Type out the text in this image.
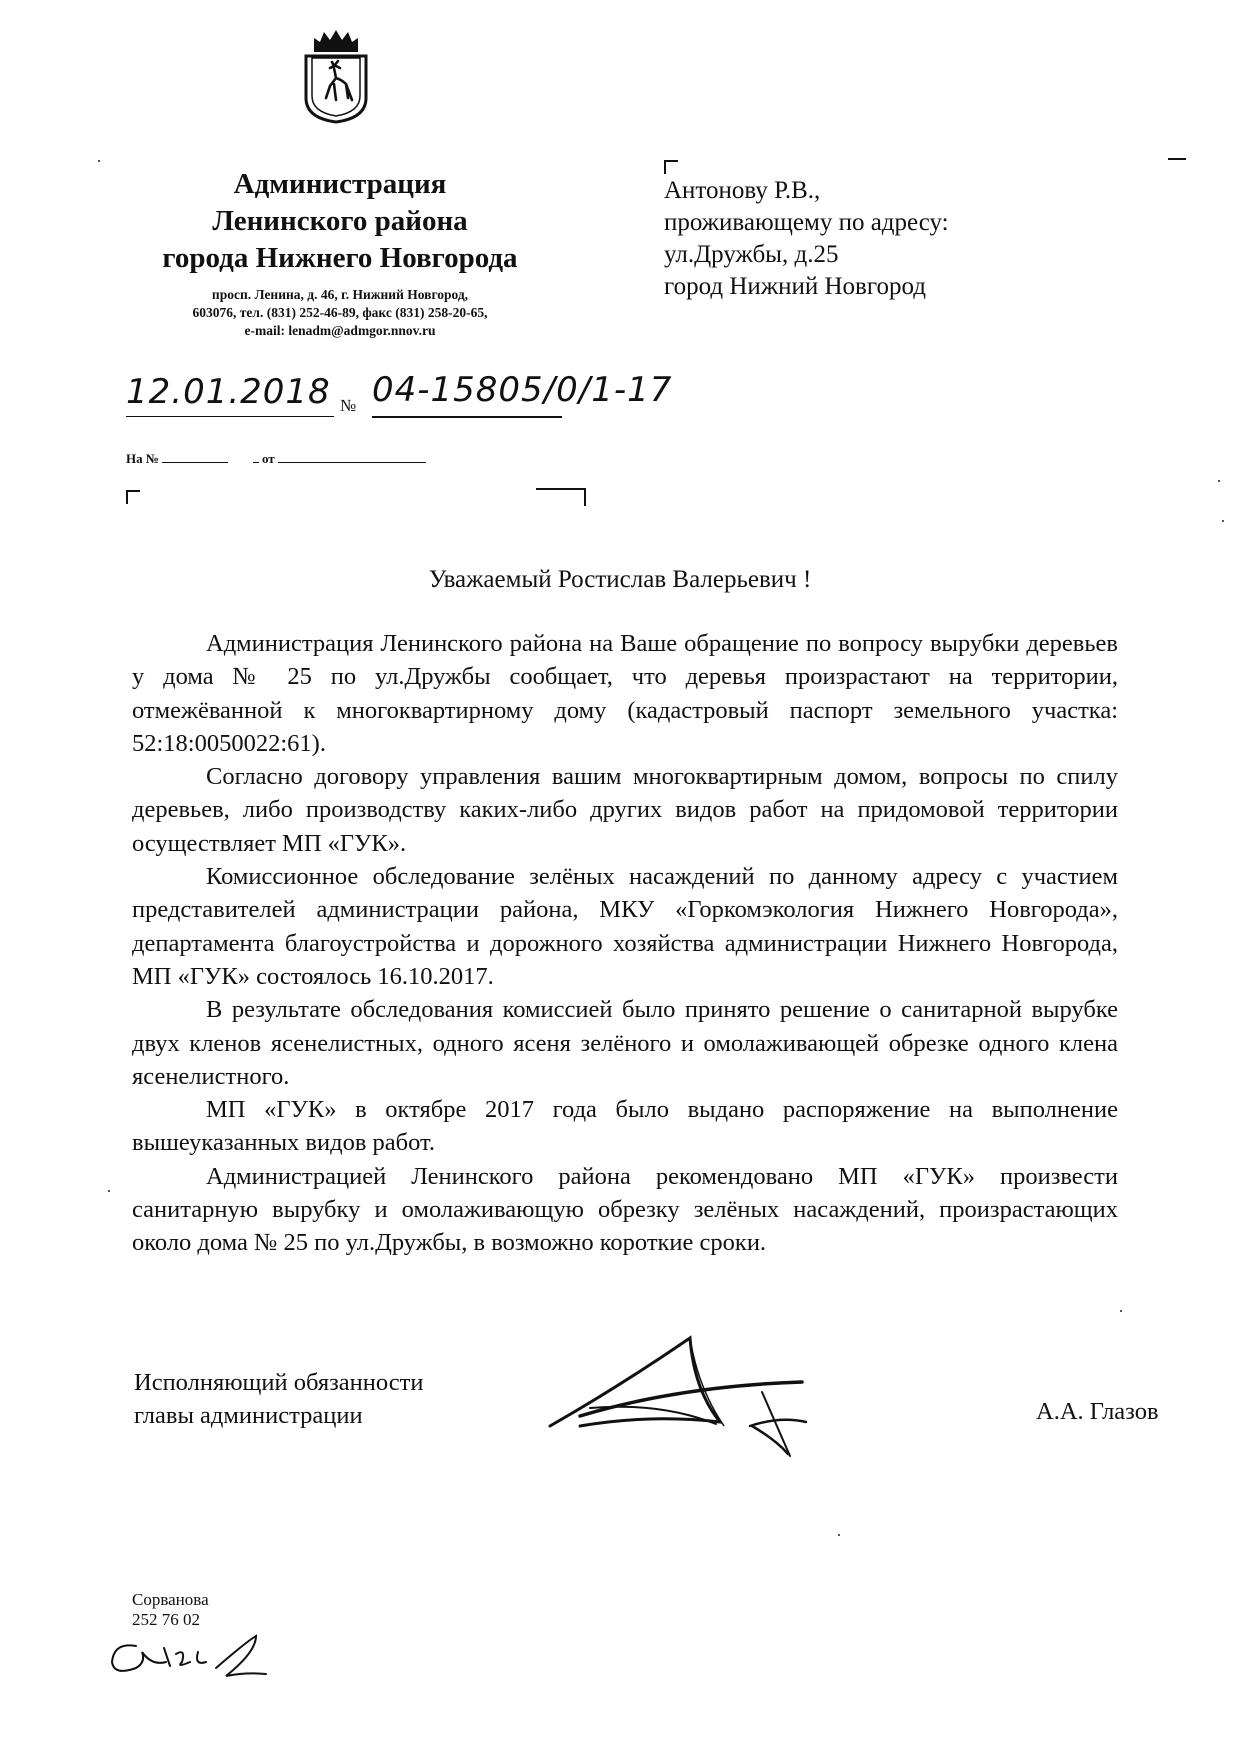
Администрация
Ленинского района
города Нижнего Новгорода
просп. Ленина, д. 46, г. Нижний Новгород,
603076, тел. (831) 252-46-89, факс (831) 258-20-65,
e-mail: lenadm@admgor.nnov.ru
Антонову Р.В.,
проживающему по адресу:
ул.Дружбы, д.25
город Нижний Новгород
12.01.2018 № 04-15805/0/1-17
На №	от
Уважаемый Ростислав Валерьевич !

Администрация Ленинского района на Ваше обращение по вопросу вырубки деревьев у дома № 25 по ул.Дружбы сообщает, что деревья произрастают на территории, отмежёванной к многоквартирному дому (кадастровый паспорт земельного участка: 52:18:0050022:61).

Согласно договору управления вашим многоквартирным домом, вопросы по спилу деревьев, либо производству каких-либо других видов работ на придомовой территории осуществляет МП «ГУК».

Комиссионное обследование зелёных насаждений по данному адресу с участием представителей администрации района, МКУ «Горкомэкология Нижнего Новгорода», департамента благоустройства и дорожного хозяйства администрации Нижнего Новгорода, МП «ГУК» состоялось 16.10.2017.

В результате обследования комиссией было принято решение о санитарной вырубке двух кленов ясенелистных, одного ясеня зелёного и омолаживающей обрезке одного клена ясенелистного.

МП «ГУК» в октябре 2017 года было выдано распоряжение на выполнение вышеуказанных видов работ.

Администрацией Ленинского района рекомендовано МП «ГУК» произвести санитарную вырубку и омолаживающую обрезку зелёных насаждений, произрастающих около дома № 25 по ул.Дружбы, в возможно короткие сроки.

Исполняющий обязанности
главы администрации	А.А. Глазов
Сорванова
252 76 02
